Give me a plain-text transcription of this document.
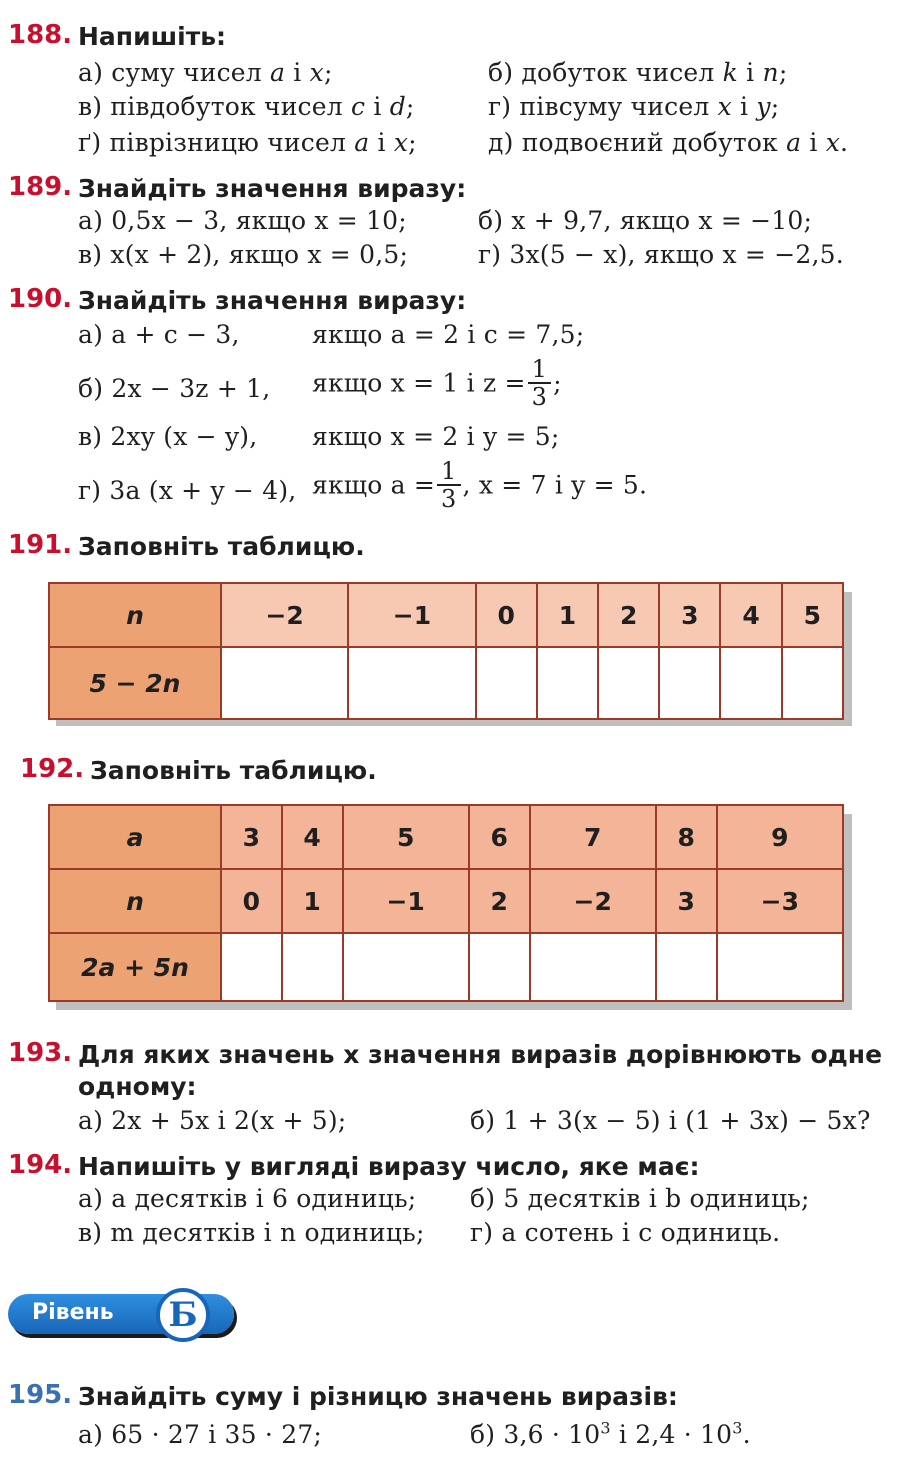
188. Напишіть:
а) суму чисел a і x;	б) добуток чисел k і n;
в) півдобуток чисел c і d;	г) півсуму чисел x і y;
ґ) піврізницю чисел a і x;	д) подвоєний добуток a і x.
189. Знайдіть значення виразу:
а) 0,5x − 3, якщо x = 10;	б) x + 9,7, якщо x = −10;
в) x(x + 2), якщо x = 0,5;	г) 3x(5 − x), якщо x = −2,5.
190. Знайдіть значення виразу:
а) a + c − 3,	якщо a = 2 і c = 7,5;
б) 2x − 3z + 1, якщо x = 1 і $z = \frac{1}{3}$ ;
в) 2xy (x − y), якщо x = 2 і y = 5;
г) 3a (x + y − 4), якщо $a = \frac{1}{3}$ , x = 7 і y = 5.
191. Заповніть таблицю.
n	−2	−1	0	1	2	3	4	5
5 − 2n								
192. Заповніть таблицю.
a	3	4	5	6	7	8	9
n	0	1	−1	2	−2	3	−3
2a + 5n							
193. Для яких значень x значення виразів дорівнюють одне
одному:
а) 2x + 5x і 2(x + 5);	б) 1 + 3(x − 5) і (1 + 3x) − 5x?
194. Напишіть у вигляді виразу число, яке має:
а) a десятків і 6 одиниць; б) 5 десятків і b одиниць;
в) m десятків і n одиниць; г) a сотень і c одиниць.
Рівень	Б
195. Знайдіть суму і різницю значень виразів:
а) 65 · 27 і 35 · 27;	б) $3,6 \cdot 10^3$ і $2,4 \cdot 10^3$.
